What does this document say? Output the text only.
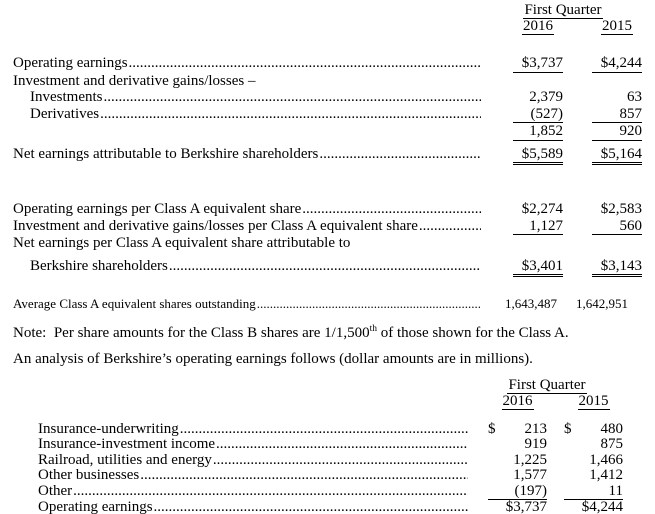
First Quarter
2016	2015
Operating earnings .....	$3,737	$4,244
Investment and derivative gains/losses –
Investments .....	2,379	63
Derivatives .....	(527)	857
1,852	920
Net earnings attributable to Berkshire shareholders .....	$5,589	$5,164
Operating earnings per Class A equivalent share .....	$2,274	$2,583
Investment and derivative gains/losses per Class A equivalent share .....	1,127	560
Net earnings per Class A equivalent share attributable to
Berkshire shareholders .....	$3,401	$3,143
Average Class A equivalent shares outstanding .....	1,643,487 1,642,951
Note:  Per share amounts for the Class B shares are 1/1,500th of those shown for the Class A.
An analysis of Berkshire’s operating earnings follows (dollar amounts are in millions).
First Quarter
2016	2015
Insurance-underwriting .....	$ 213 $ 480
Insurance-investment income .....	919	875
Railroad, utilities and energy .....	1,225	1,466
Other businesses .....	1,577	1,412
Other .....	(197)	11
Operating earnings .....	$3,737	$4,244
